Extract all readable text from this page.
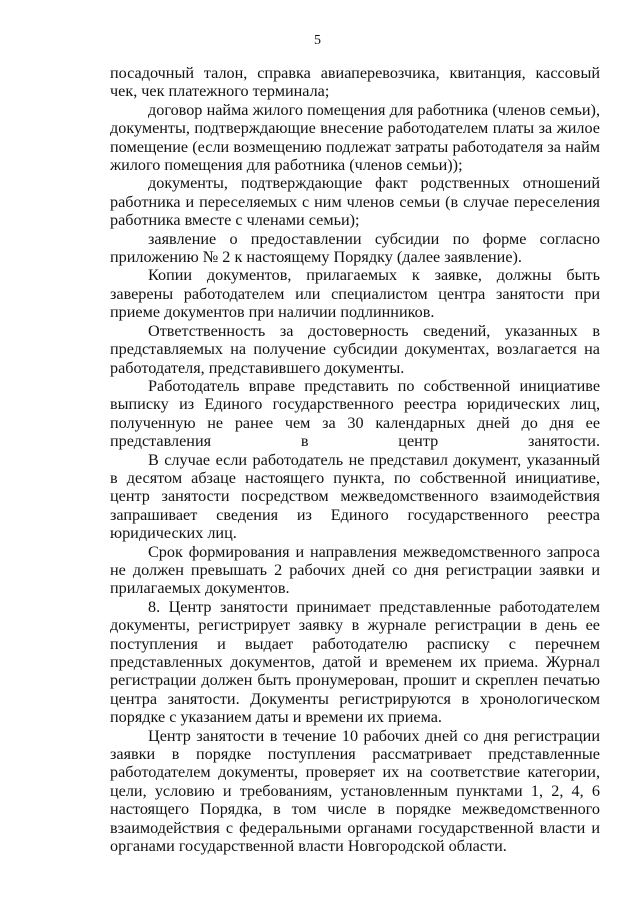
5

посадочный талон, справка авиаперевозчика, квитанция, кассовый чек, чек платежного терминала;

договор найма жилого помещения для работника (членов семьи), документы, подтверждающие внесение работодателем платы за жилое помещение (если возмещению подлежат затраты работодателя за найм жилого помещения для работника (членов семьи));

документы, подтверждающие факт родственных отношений работника и переселяемых с ним членов семьи (в случае переселения работника вместе с членами семьи);

заявление о предоставлении субсидии по форме согласно приложению № 2 к настоящему Порядку (далее заявление).

Копии документов, прилагаемых к заявке, должны быть заверены работодателем или специалистом центра занятости при приеме документов при наличии подлинников.

Ответственность за достоверность сведений, указанных в представляемых на получение субсидии документах, возлагается на работодателя, представившего документы.

Работодатель вправе представить по собственной инициативе выписку из Единого государственного реестра юридических лиц, полученную не ранее чем за 30 календарных дней до дня ее представления в центр занятости.

В случае если работодатель не представил документ, указанный в десятом абзаце настоящего пункта, по собственной инициативе, центр занятости посредством межведомственного взаимодействия запрашивает сведения из Единого государственного реестра юридических лиц.

Срок формирования и направления межведомственного запроса не должен превышать 2 рабочих дней со дня регистрации заявки и прилагаемых документов.

8. Центр занятости принимает представленные работодателем документы, регистрирует заявку в журнале регистрации в день ее поступления и выдает работодателю расписку с перечнем представленных документов, датой и временем их приема. Журнал регистрации должен быть пронумерован, прошит и скреплен печатью центра занятости. Документы регистрируются в хронологическом порядке с указанием даты и времени их приема.

Центр занятости в течение 10 рабочих дней со дня регистрации заявки в порядке поступления рассматривает представленные работодателем документы, проверяет их на соответствие категории, цели, условию и требованиям, установленным пунктами 1, 2, 4, 6 настоящего Порядка, в том числе в порядке межведомственного взаимодействия с федеральными органами государственной власти и органами государственной власти Новгородской области.
